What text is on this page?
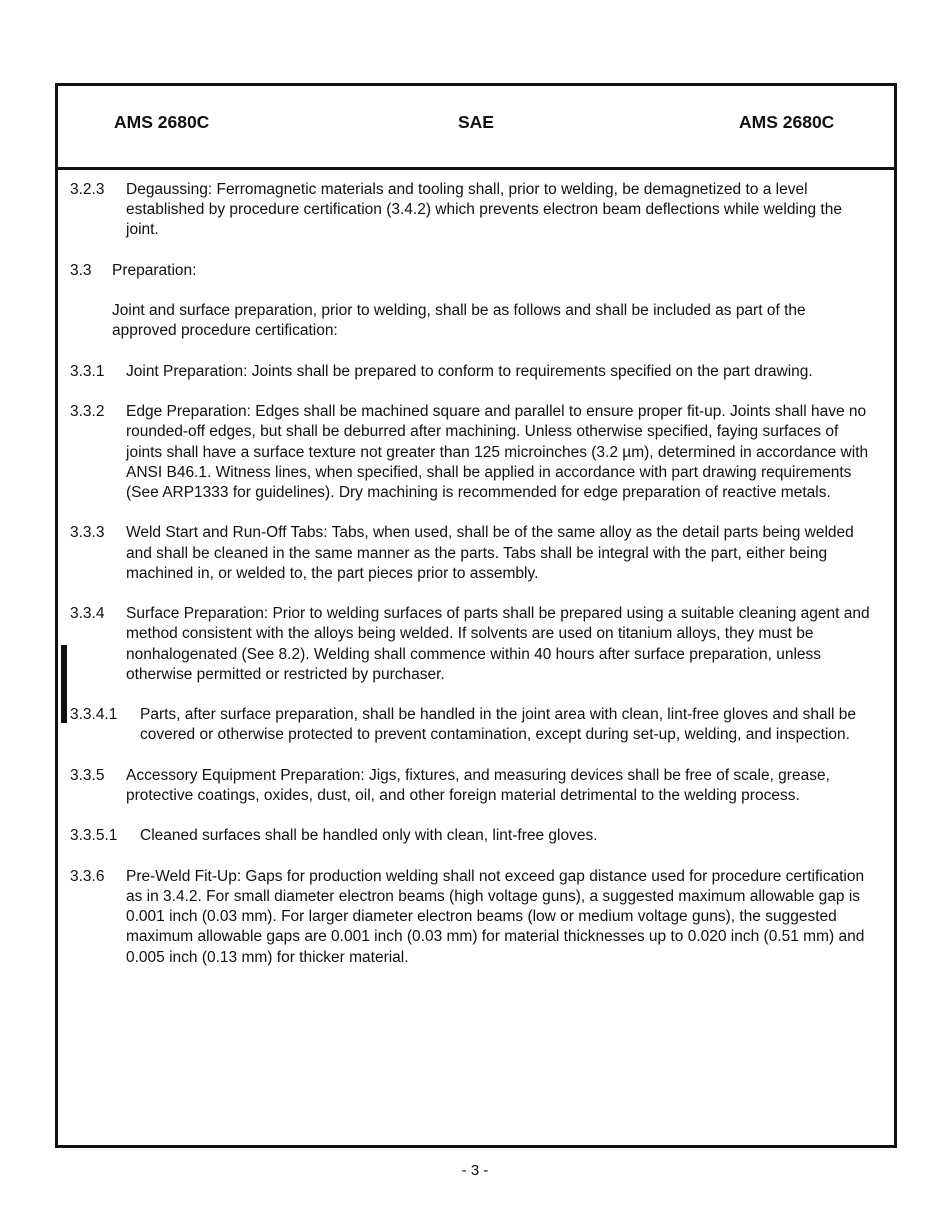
AMS 2680C	SAE	AMS 2680C
3.2.3 Degaussing: Ferromagnetic materials and tooling shall, prior to welding, be demagnetized to a level established by procedure certification (3.4.2) which prevents electron beam deflections while welding the joint.
3.3 Preparation:
Joint and surface preparation, prior to welding, shall be as follows and shall be included as part of the approved procedure certification:
3.3.1 Joint Preparation: Joints shall be prepared to conform to requirements specified on the part drawing.
3.3.2 Edge Preparation: Edges shall be machined square and parallel to ensure proper fit-up. Joints shall have no rounded-off edges, but shall be deburred after machining. Unless otherwise specified, faying surfaces of joints shall have a surface texture not greater than 125 microinches (3.2 µm), determined in accordance with ANSI B46.1. Witness lines, when specified, shall be applied in accordance with part drawing requirements (See ARP1333 for guidelines). Dry machining is recommended for edge preparation of reactive metals.
3.3.3 Weld Start and Run-Off Tabs: Tabs, when used, shall be of the same alloy as the detail parts being welded and shall be cleaned in the same manner as the parts. Tabs shall be integral with the part, either being machined in, or welded to, the part pieces prior to assembly.
3.3.4 Surface Preparation: Prior to welding surfaces of parts shall be prepared using a suitable cleaning agent and method consistent with the alloys being welded. If solvents are used on titanium alloys, they must be nonhalogenated (See 8.2). Welding shall commence within 40 hours after surface preparation, unless otherwise permitted or restricted by purchaser.
3.3.4.1 Parts, after surface preparation, shall be handled in the joint area with clean, lint-free gloves and shall be covered or otherwise protected to prevent contamination, except during set-up, welding, and inspection.
3.3.5 Accessory Equipment Preparation: Jigs, fixtures, and measuring devices shall be free of scale, grease, protective coatings, oxides, dust, oil, and other foreign material detrimental to the welding process.
3.3.5.1 Cleaned surfaces shall be handled only with clean, lint-free gloves.
3.3.6 Pre-Weld Fit-Up: Gaps for production welding shall not exceed gap distance used for procedure certification as in 3.4.2. For small diameter electron beams (high voltage guns), a suggested maximum allowable gap is 0.001 inch (0.03 mm). For larger diameter electron beams (low or medium voltage guns), the suggested maximum allowable gaps are 0.001 inch (0.03 mm) for material thicknesses up to 0.020 inch (0.51 mm) and 0.005 inch (0.13 mm) for thicker material.
- 3 -
